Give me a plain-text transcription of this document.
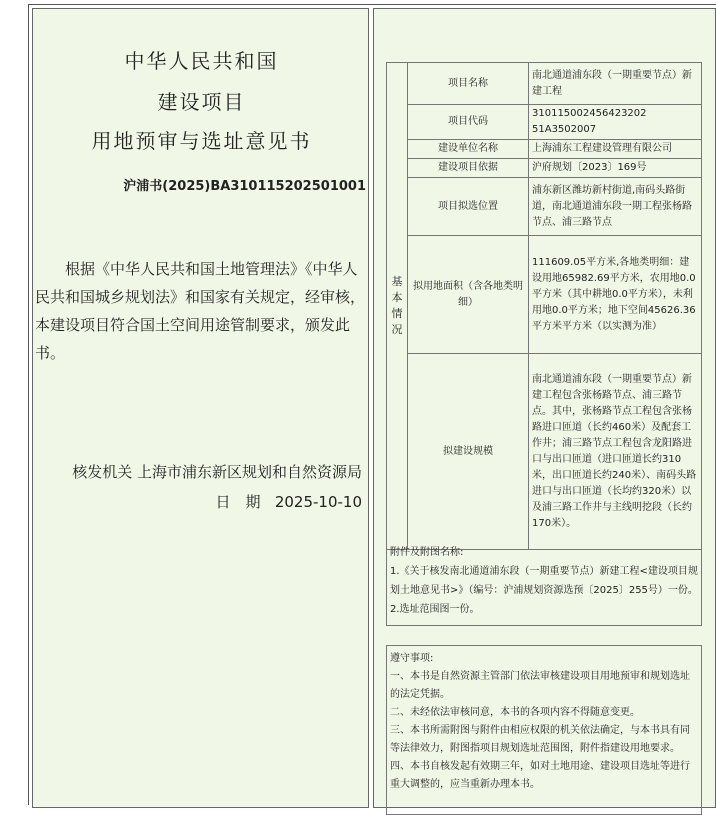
中华人民共和国
建设项目
用地预审与选址意见书
沪浦书(2025)BA310115202501001
根据《中华人民共和国土地管理法》《中华人民共和国城乡规划法》和国家有关规定，经审核，本建设项目符合国土空间用途管制要求，颁发此书。
核发机关 上海市浦东新区规划和自然资源局
日　期 2025-10-10
基本情况	项目名称	南北通道浦东段（一期重要节点）新建工程
	项目代码	310115002456423202 51A3502007
	建设单位名称	上海浦东工程建设管理有限公司
	建设项目依据	沪府规划〔2023〕169号
	项目拟选位置	浦东新区潍坊新村街道,南码头路街道，南北通道浦东段一期工程张杨路节点、浦三路节点
	拟用地面积（含各地类明细）	111609.05平方米,各地类明细：建设用地65982.69平方米，农用地0.0平方米（其中耕地0.0平方米），未利用地0.0平方米；地下空间45626.36平方米平方米（以实测为准）
	拟建设规模	南北通道浦东段（一期重要节点）新建工程包含张杨路节点、浦三路节点。其中，张杨路节点工程包含张杨路进口匝道（长约460米）及配套工作井；浦三路节点工程包含龙阳路进口与出口匝道（进口匝道长约310米，出口匝道长约240米）、南码头路进口与出口匝道（长均约320米）以及浦三路工作井与主线明挖段（长约170米）。
附件及附图名称:
1.《关于核发南北通道浦东段（一期重要节点）新建工程<建设项目规划土地意见书>》（编号：沪浦规划资源选预〔2025〕255号）一份。 2.选址范围图一份。
遵守事项:
一、本书是自然资源主管部门依法审核建设项目用地预审和规划选址的法定凭据。
二、未经依法审核同意，本书的各项内容不得随意变更。
三、本书所需附图与附件由相应权限的机关依法确定，与本书具有同等法律效力，附图指项目规划选址范围图，附件指建设用地要求。
四、本书自核发起有效期三年，如对土地用途、建设项目选址等进行重大调整的，应当重新办理本书。
